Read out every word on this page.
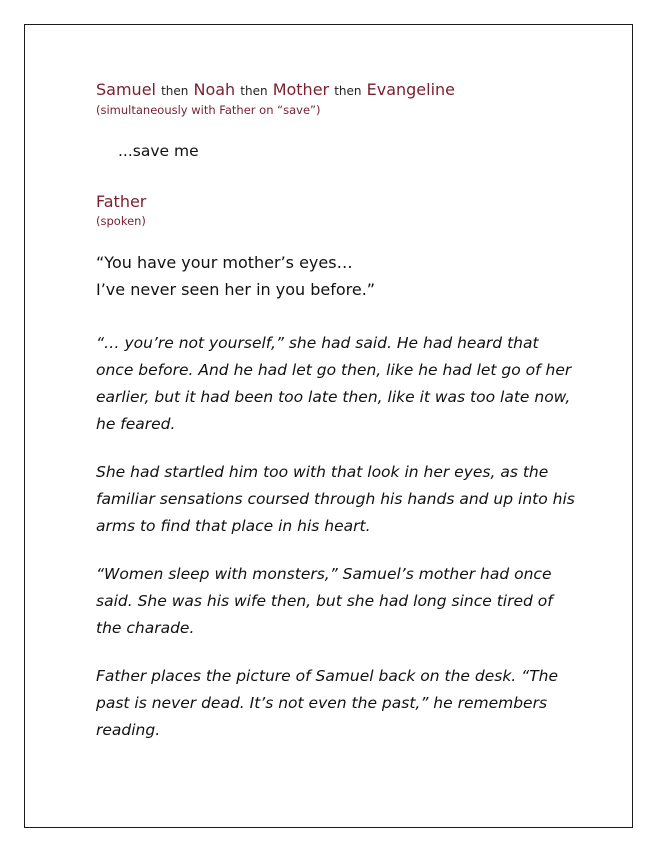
Samuel then Noah then Mother then Evangeline
(simultaneously with Father on “save”)
...save me
Father
(spoken)
“You have your mother’s eyes…
I’ve never seen her in you before.”

“… you’re not yourself,” she had said. He had heard that once before. And he had let go then, like he had let go of her earlier, but it had been too late then, like it was too late now, he feared.

She had startled him too with that look in her eyes, as the familiar sensations coursed through his hands and up into his arms to find that place in his heart.

“Women sleep with monsters,” Samuel’s mother had once said. She was his wife then, but she had long since tired of the charade.

Father places the picture of Samuel back on the desk. “The past is never dead. It’s not even the past,” he remembers reading.
